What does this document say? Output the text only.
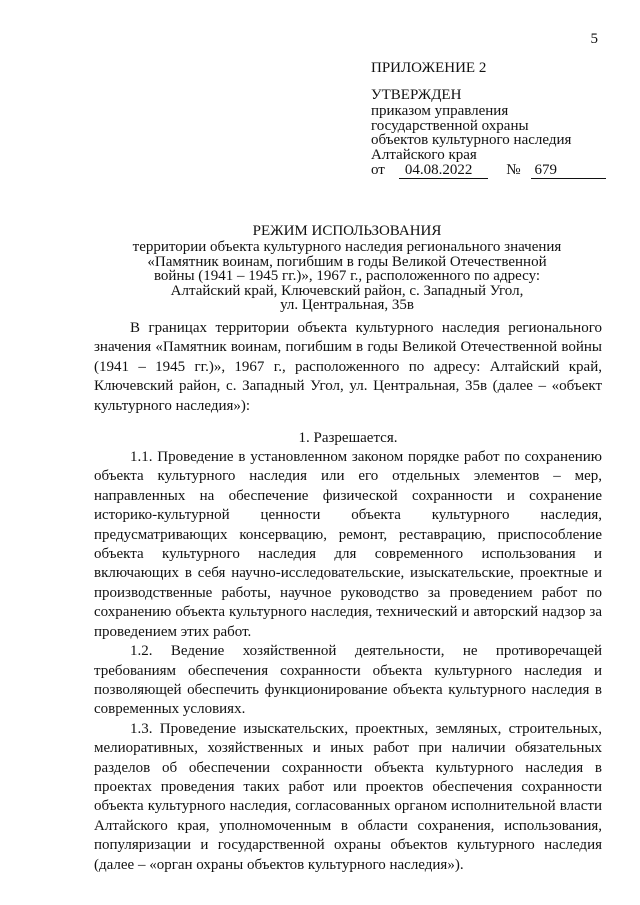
5
ПРИЛОЖЕНИЕ 2
УТВЕРЖДЕН
приказом управления
государственной охраны
объектов культурного наследия
Алтайского края
от	04.08.2022	№ 679
РЕЖИМ ИСПОЛЬЗОВАНИЯ
территории объекта культурного наследия регионального значения
«Памятник воинам, погибшим в годы Великой Отечественной
войны (1941 – 1945 гг.)», 1967 г., расположенного по адресу:
Алтайский край, Ключевский район, с. Западный Угол,
ул. Центральная, 35в

В границах территории объекта культурного наследия регионального значения «Памятник воинам, погибшим в годы Великой Отечественной войны (1941 – 1945 гг.)», 1967 г., расположенного по адресу: Алтайский край, Ключевский район, с. Западный Угол, ул. Центральная, 35в (далее – «объект культурного наследия»):

1. Разрешается.

1.1. Проведение в установленном законом порядке работ по сохранению объекта культурного наследия или его отдельных элементов – мер, направленных на обеспечение физической сохранности и сохранение историко-культурной ценности объекта культурного наследия, предусматривающих консервацию, ремонт, реставрацию, приспособление объекта культурного наследия для современного использования и включающих в себя научно-исследовательские, изыскательские, проектные и производственные работы, научное руководство за проведением работ по сохранению объекта культурного наследия, технический и авторский надзор за проведением этих работ.

1.2. Ведение хозяйственной деятельности, не противоречащей требованиям обеспечения сохранности объекта культурного наследия и позволяющей обеспечить функционирование объекта культурного наследия в современных условиях.

1.3. Проведение изыскательских, проектных, земляных, строительных, мелиоративных, хозяйственных и иных работ при наличии обязательных разделов об обеспечении сохранности объекта культурного наследия в проектах проведения таких работ или проектов обеспечения сохранности объекта культурного наследия, согласованных органом исполнительной власти Алтайского края, уполномоченным в области сохранения, использования, популяризации и государственной охраны объектов культурного наследия (далее – «орган охраны объектов культурного наследия»).
